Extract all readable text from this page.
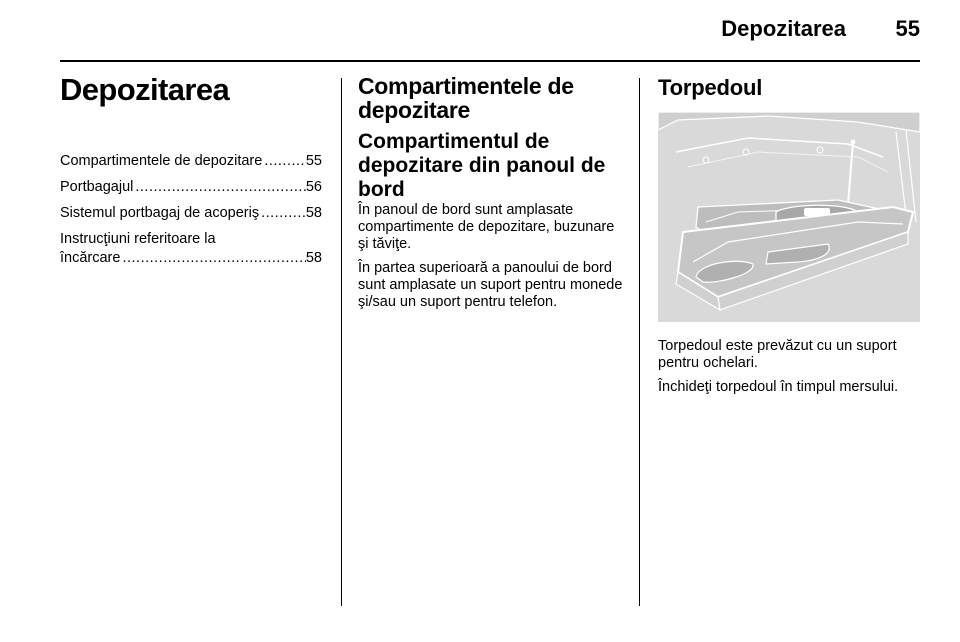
Depozitarea	55
Depozitarea
Compartimentele de depozitare .....	55
Portbagajul .....	56
Sistemul portbagaj de acoperiş .....	58
Instrucţiuni referitoare la
încărcare .....	58
Compartimentele de depozitare
Compartimentul de depozitare din panoul de bord

În panoul de bord sunt amplasate compartimente de depozitare, buzunare şi tăviţe.

În partea superioară a panoului de bord sunt amplasate un suport pentru monede şi/sau un suport pentru telefon.

Torpedoul

Torpedoul este prevăzut cu un suport pentru ochelari.

Închideţi torpedoul în timpul mersului.
